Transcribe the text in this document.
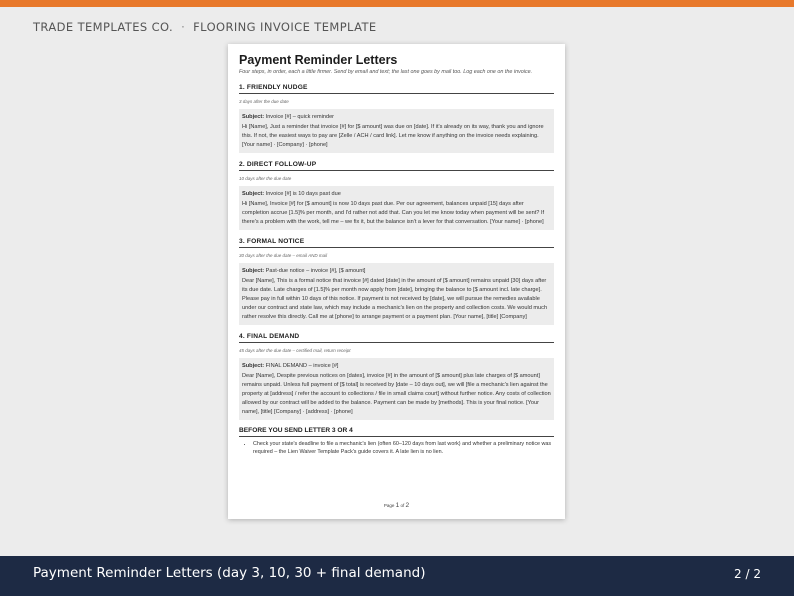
TRADE TEMPLATES CO. · FLOORING INVOICE TEMPLATE
Payment Reminder Letters
Four steps, in order, each a little firmer. Send by email and text; the last one goes by mail too. Log each one on the invoice.
1. FRIENDLY NUDGE
3 days after the due date
Subject: Invoice [#] – quick reminder
Hi [Name], Just a reminder that invoice [#] for [$ amount] was due on [date]. If it's already on its way, thank you and ignore this. If not, the easiest ways to pay are [Zelle / ACH / card link]. Let me know if anything on the invoice needs explaining. [Your name] · [Company] · [phone]
2. DIRECT FOLLOW-UP
10 days after the due date
Subject: Invoice [#] is 10 days past due
Hi [Name], Invoice [#] for [$ amount] is now 10 days past due. Per our agreement, balances unpaid [15] days after completion accrue [1.5]% per month, and I'd rather not add that. Can you let me know today when payment will be sent? If there's a problem with the work, tell me – we fix it, but the balance isn't a lever for that conversation. [Your name] · [phone]
3. FORMAL NOTICE
30 days after the due date – email AND mail
Subject: Past-due notice – invoice [#], [$ amount]
Dear [Name], This is a formal notice that invoice [#] dated [date] in the amount of [$ amount] remains unpaid [30] days after its due date. Late charges of [1.5]% per month now apply from [date], bringing the balance to [$ amount incl. late charge]. Please pay in full within 10 days of this notice. If payment is not received by [date], we will pursue the remedies available under our contract and state law, which may include a mechanic's lien on the property and collection costs. We would much rather resolve this directly. Call me at [phone] to arrange payment or a payment plan. [Your name], [title] [Company]
4. FINAL DEMAND
45 days after the due date – certified mail, return receipt
Subject: FINAL DEMAND – invoice [#]
Dear [Name], Despite previous notices on [dates], invoice [#] in the amount of [$ amount] plus late charges of [$ amount] remains unpaid. Unless full payment of [$ total] is received by [date – 10 days out], we will [file a mechanic's lien against the property at [address] / refer the account to collections / file in small claims court] without further notice. Any costs of collection allowed by our contract will be added to the balance. Payment can be made by [methods]. This is your final notice. [Your name], [title] [Company] · [address] · [phone]
BEFORE YOU SEND LETTER 3 OR 4
• Check your state's deadline to file a mechanic's lien (often 60–120 days from last work) and whether a preliminary notice was required – the Lien Waiver Template Pack's guide covers it. A late lien is no lien.
Page 1 of 2
Payment Reminder Letters (day 3, 10, 30 + final demand)	2 / 2
